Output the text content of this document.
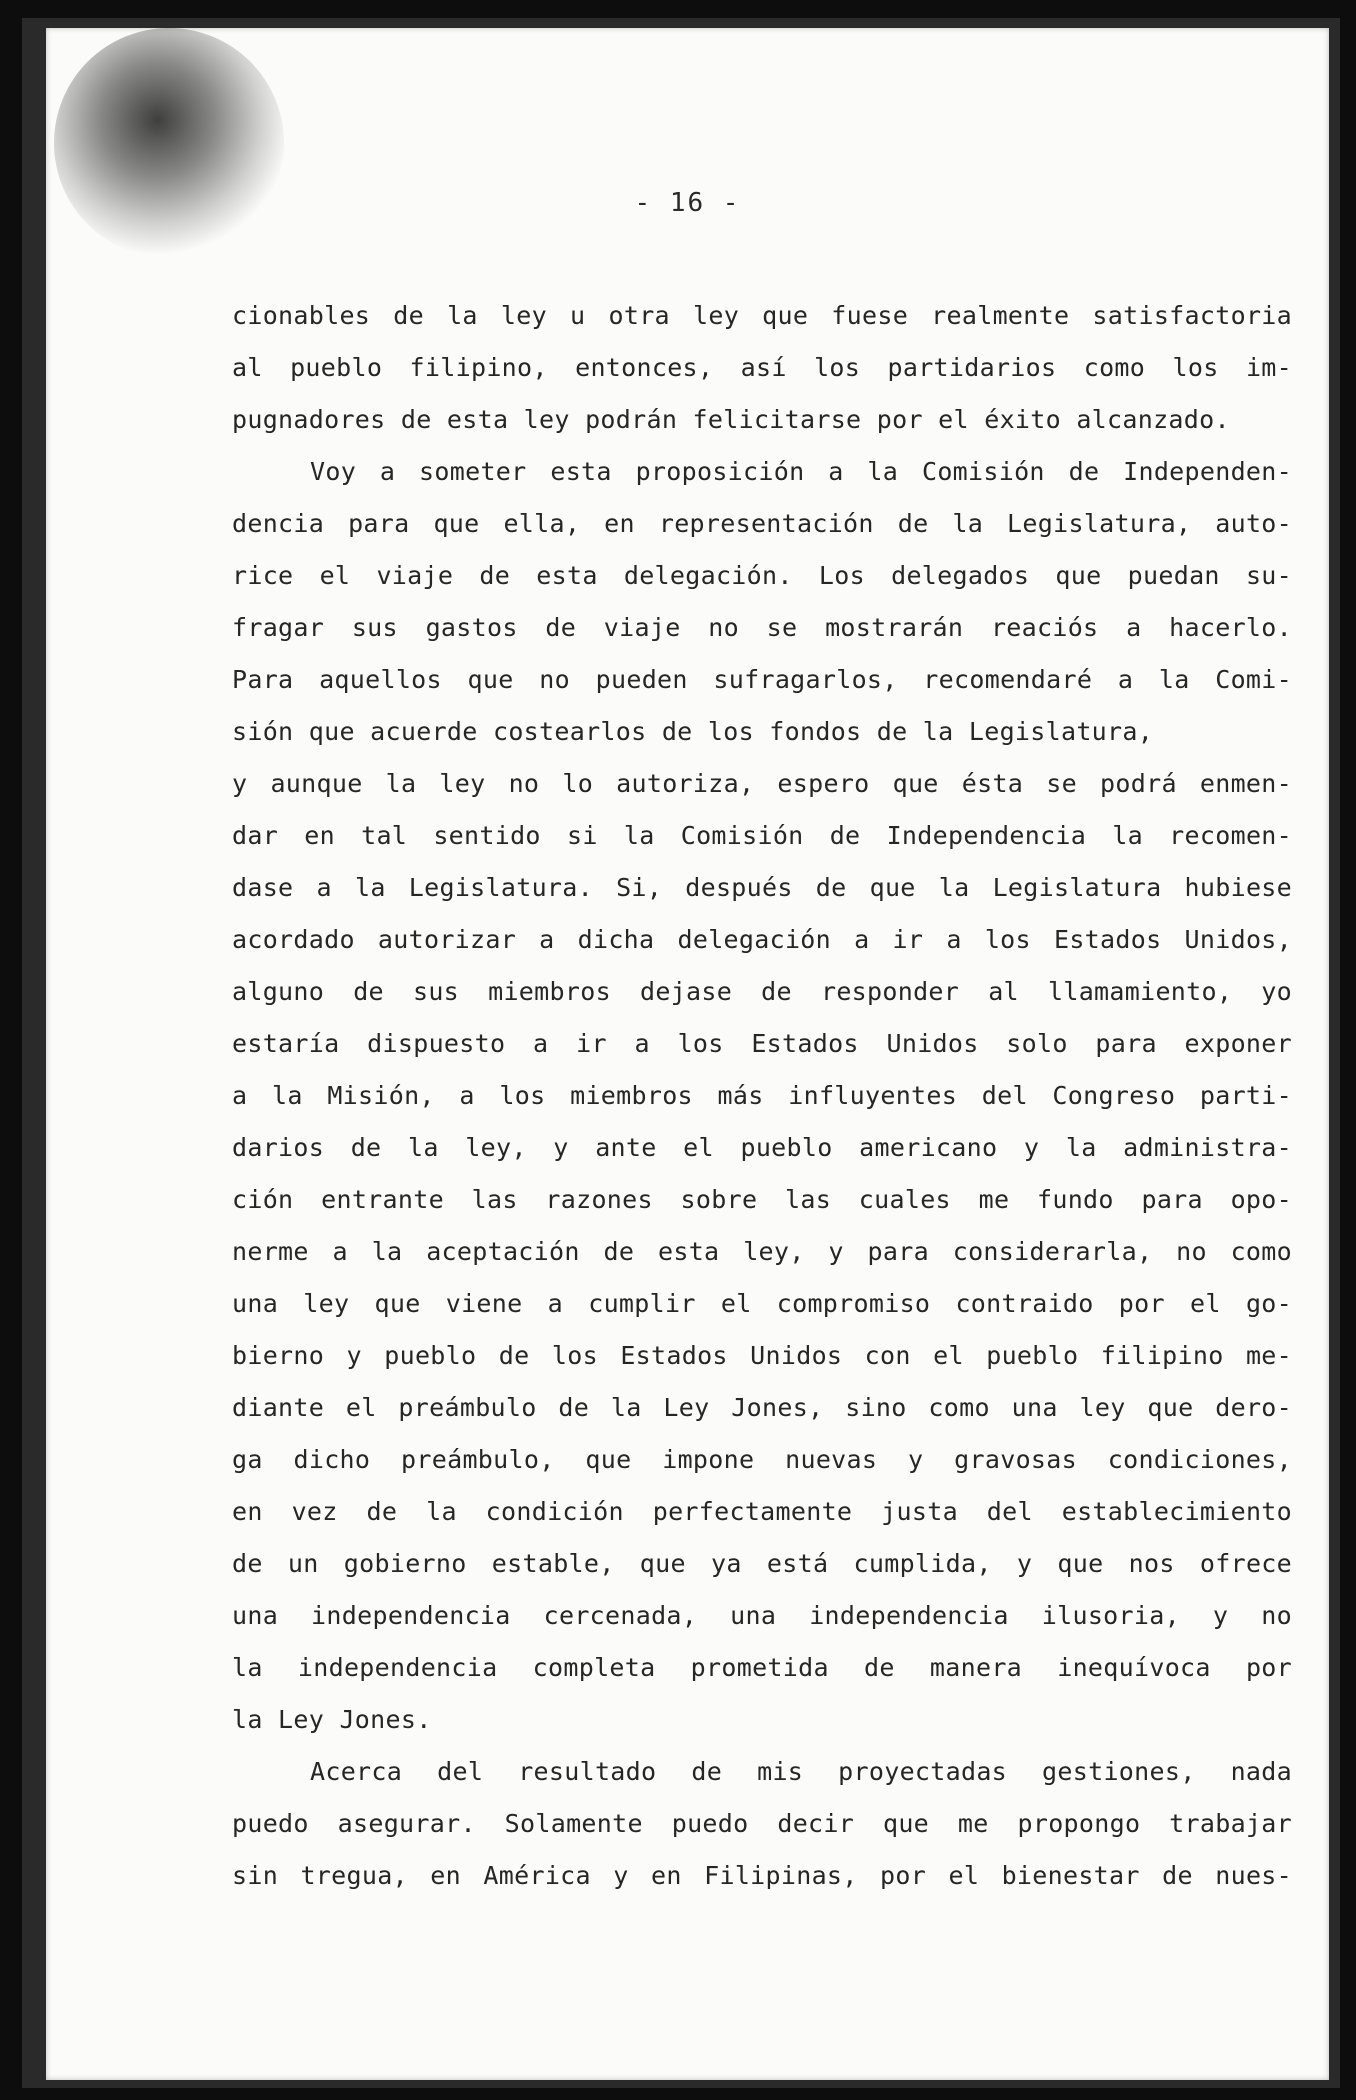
- 16 -
cionables de la ley u otra ley que fuese realmente satisfactoria
al pueblo filipino, entonces, así los partidarios como los im-
pugnadores de esta ley podrán felicitarse por el éxito alcanzado.
Voy a someter esta proposición a la Comisión de Independen-
dencia para que ella, en representación de la Legislatura, auto-
rice el viaje de esta delegación. Los delegados que puedan su-
fragar sus gastos de viaje no se mostrarán reaciós a hacerlo.
Para aquellos que no pueden sufragarlos, recomendaré a la Comi-
sión que acuerde costearlos de los fondos de la Legislatura,
y aunque la ley no lo autoriza, espero que ésta se podrá enmen-
dar en tal sentido si la Comisión de Independencia la recomen-
dase a la Legislatura. Si, después de que la Legislatura hubiese
acordado autorizar a dicha delegación a ir a los Estados Unidos,
alguno de sus miembros dejase de responder al llamamiento, yo
estaría dispuesto a ir a los Estados Unidos solo para exponer
a la Misión, a los miembros más influyentes del Congreso parti-
darios de la ley, y ante el pueblo americano y la administra-
ción entrante las razones sobre las cuales me fundo para opo-
nerme a la aceptación de esta ley, y para considerarla, no como
una ley que viene a cumplir el compromiso contraido por el go-
bierno y pueblo de los Estados Unidos con el pueblo filipino me-
diante el preámbulo de la Ley Jones, sino como una ley que dero-
ga dicho preámbulo, que impone nuevas y gravosas condiciones,
en vez de la condición perfectamente justa del establecimiento
de un gobierno estable, que ya está cumplida, y que nos ofrece
una independencia cercenada, una independencia ilusoria, y no
la independencia completa prometida de manera inequívoca por
la Ley Jones.
Acerca del resultado de mis proyectadas gestiones, nada
puedo asegurar. Solamente puedo decir que me propongo trabajar
sin tregua, en América y en Filipinas, por el bienestar de nues-
